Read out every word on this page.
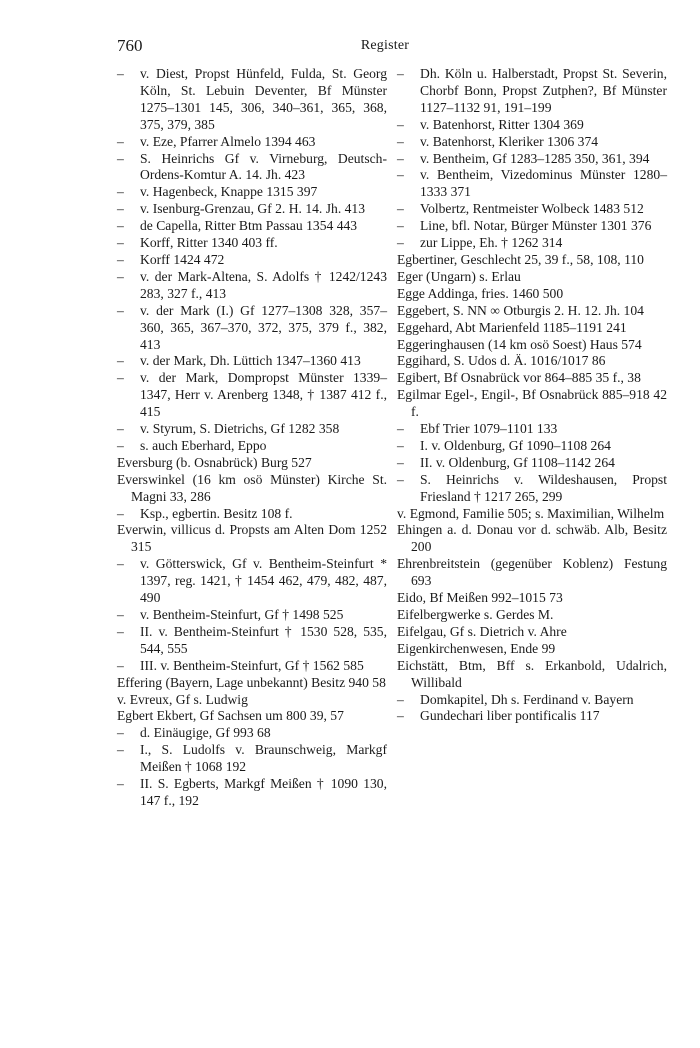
760	Register

– v. Diest, Propst Hünfeld, Fulda, St. Georg Köln, St. Lebuin Deventer, Bf Münster 1275–1301 145, 306, 340–361, 365, 368, 375, 379, 385

– v. Eze, Pfarrer Almelo 1394 463

– S. Heinrichs Gf v. Virneburg, Deutsch-Ordens-Komtur A. 14. Jh. 423

– v. Hagenbeck, Knappe 1315 397

– v. Isenburg-Grenzau, Gf 2. H. 14. Jh. 413

– de Capella, Ritter Btm Passau 1354 443

– Korff, Ritter 1340 403 ff.

– Korff 1424 472

– v. der Mark-Altena, S. Adolfs † 1242/1243 283, 327 f., 413

– v. der Mark (I.) Gf 1277–1308 328, 357–360, 365, 367–370, 372, 375, 379 f., 382, 413

– v. der Mark, Dh. Lüttich 1347–1360 413

– v. der Mark, Dompropst Münster 1339–1347, Herr v. Arenberg 1348, † 1387 412 f., 415

– v. Styrum, S. Dietrichs, Gf 1282 358

– s. auch Eberhard, Eppo

Eversburg (b. Osnabrück) Burg 527

Everswinkel (16 km osö Münster) Kirche St. Magni 33, 286

– Ksp., egbertin. Besitz 108 f.

Everwin, villicus d. Propsts am Alten Dom 1252 315

– v. Götterswick, Gf v. Bentheim-Steinfurt * 1397, reg. 1421, † 1454 462, 479, 482, 487, 490

– v. Bentheim-Steinfurt, Gf † 1498 525

– II. v. Bentheim-Steinfurt † 1530 528, 535, 544, 555

– III. v. Bentheim-Steinfurt, Gf † 1562 585

Effering (Bayern, Lage unbekannt) Besitz 940 58

v. Evreux, Gf s. Ludwig

Egbert Ekbert, Gf Sachsen um 800 39, 57

– d. Einäugige, Gf 993 68

– I., S. Ludolfs v. Braunschweig, Markgf Meißen † 1068 192

– II. S. Egberts, Markgf Meißen † 1090 130, 147 f., 192

– Dh. Köln u. Halberstadt, Propst St. Severin, Chorbf Bonn, Propst Zutphen?, Bf Münster 1127–1132 91, 191–199

– v. Batenhorst, Ritter 1304 369

– v. Batenhorst, Kleriker 1306 374

– v. Bentheim, Gf 1283–1285 350, 361, 394

– v. Bentheim, Vizedominus Münster 1280–1333 371

– Volbertz, Rentmeister Wolbeck 1483 512

– Line, bfl. Notar, Bürger Münster 1301 376

– zur Lippe, Eh. † 1262 314

Egbertiner, Geschlecht 25, 39 f., 58, 108, 110

Eger (Ungarn) s. Erlau

Egge Addinga, fries. 1460 500

Eggebert, S. NN ∞ Otburgis 2. H. 12. Jh. 104

Eggehard, Abt Marienfeld 1185–1191 241

Eggeringhausen (14 km osö Soest) Haus 574

Eggihard, S. Udos d. Ä. 1016/1017 86

Egibert, Bf Osnabrück vor 864–885 35 f., 38

Egilmar Egel-, Engil-, Bf Osnabrück 885–918 42 f.

– Ebf Trier 1079–1101 133

– I. v. Oldenburg, Gf 1090–1108 264

– II. v. Oldenburg, Gf 1108–1142 264

– S. Heinrichs v. Wildeshausen, Propst Friesland † 1217 265, 299

v. Egmond, Familie 505; s. Maximilian, Wilhelm

Ehingen a. d. Donau vor d. schwäb. Alb, Besitz 200

Ehrenbreitstein (gegenüber Koblenz) Festung 693

Eido, Bf Meißen 992–1015 73

Eifelbergwerke s. Gerdes M.

Eifelgau, Gf s. Dietrich v. Ahre

Eigenkirchenwesen, Ende 99

Eichstätt, Btm, Bff s. Erkanbold, Udalrich, Willibald

– Domkapitel, Dh s. Ferdinand v. Bayern

– Gundechari liber pontificalis 117
